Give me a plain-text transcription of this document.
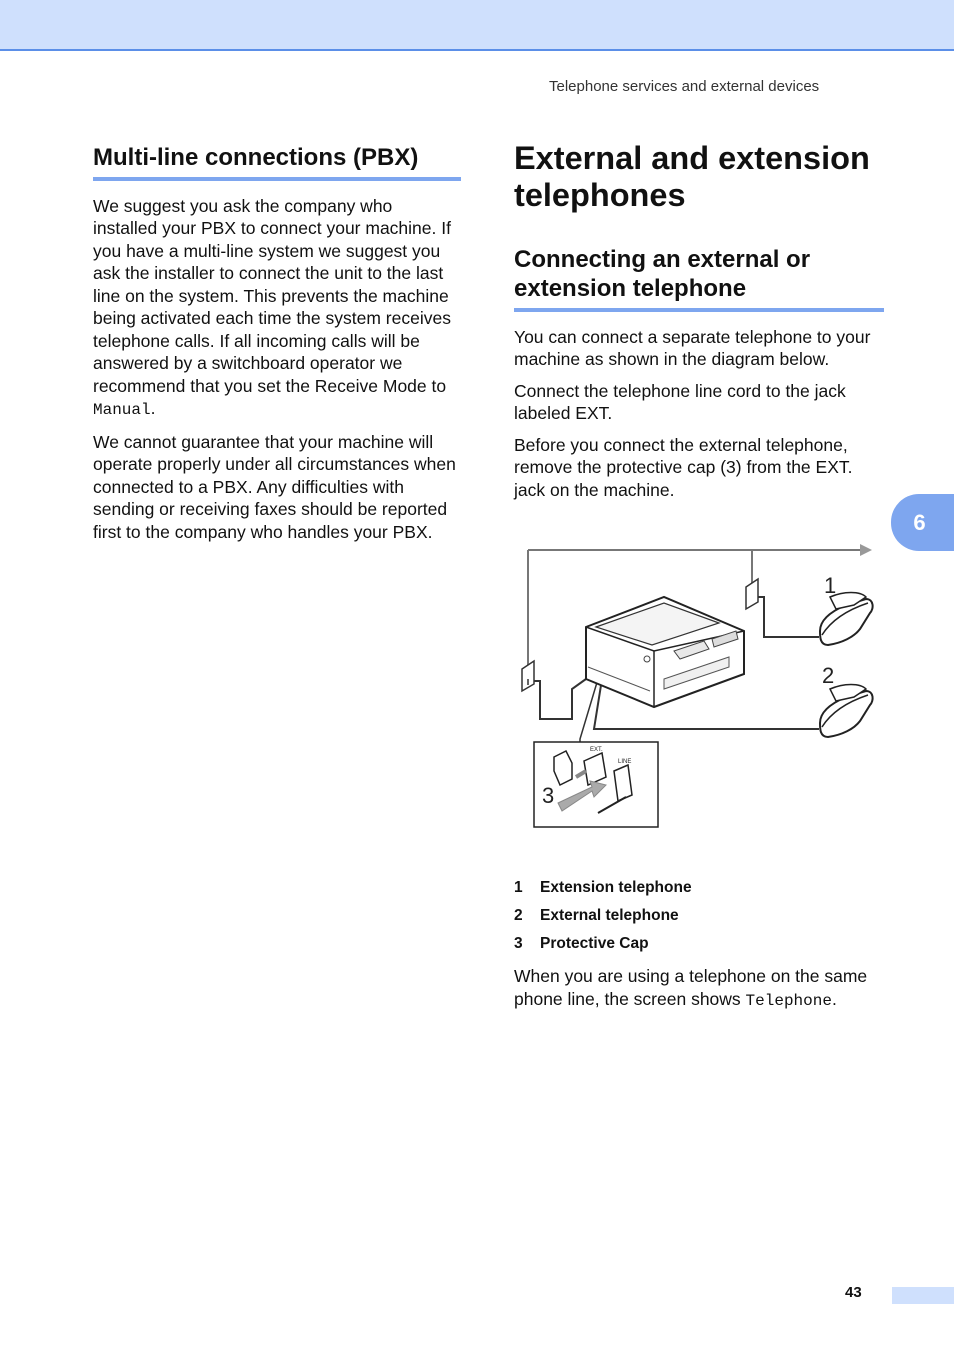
Telephone services and external devices
Multi-line connections (PBX)

We suggest you ask the company who installed your PBX to connect your machine. If you have a multi-line system we suggest you ask the installer to connect the unit to the last line on the system. This prevents the machine being activated each time the system receives telephone calls. If all incoming calls will be answered by a switchboard operator we recommend that you set the Receive Mode to Manual.

We cannot guarantee that your machine will operate properly under all circumstances when connected to a PBX. Any difficulties with sending or receiving faxes should be reported first to the company who handles your PBX.

External and extension telephones
Connecting an external or extension telephone

You can connect a separate telephone to your machine as shown in the diagram below.

Connect the telephone line cord to the jack labeled EXT.

Before you connect the external telephone, remove the protective cap (3) from the EXT. jack on the machine.

1
2
EXT.
LINE
3
1 Extension telephone
2 External telephone
3 Protective Cap

When you are using a telephone on the same phone line, the screen shows Telephone.

6
43
